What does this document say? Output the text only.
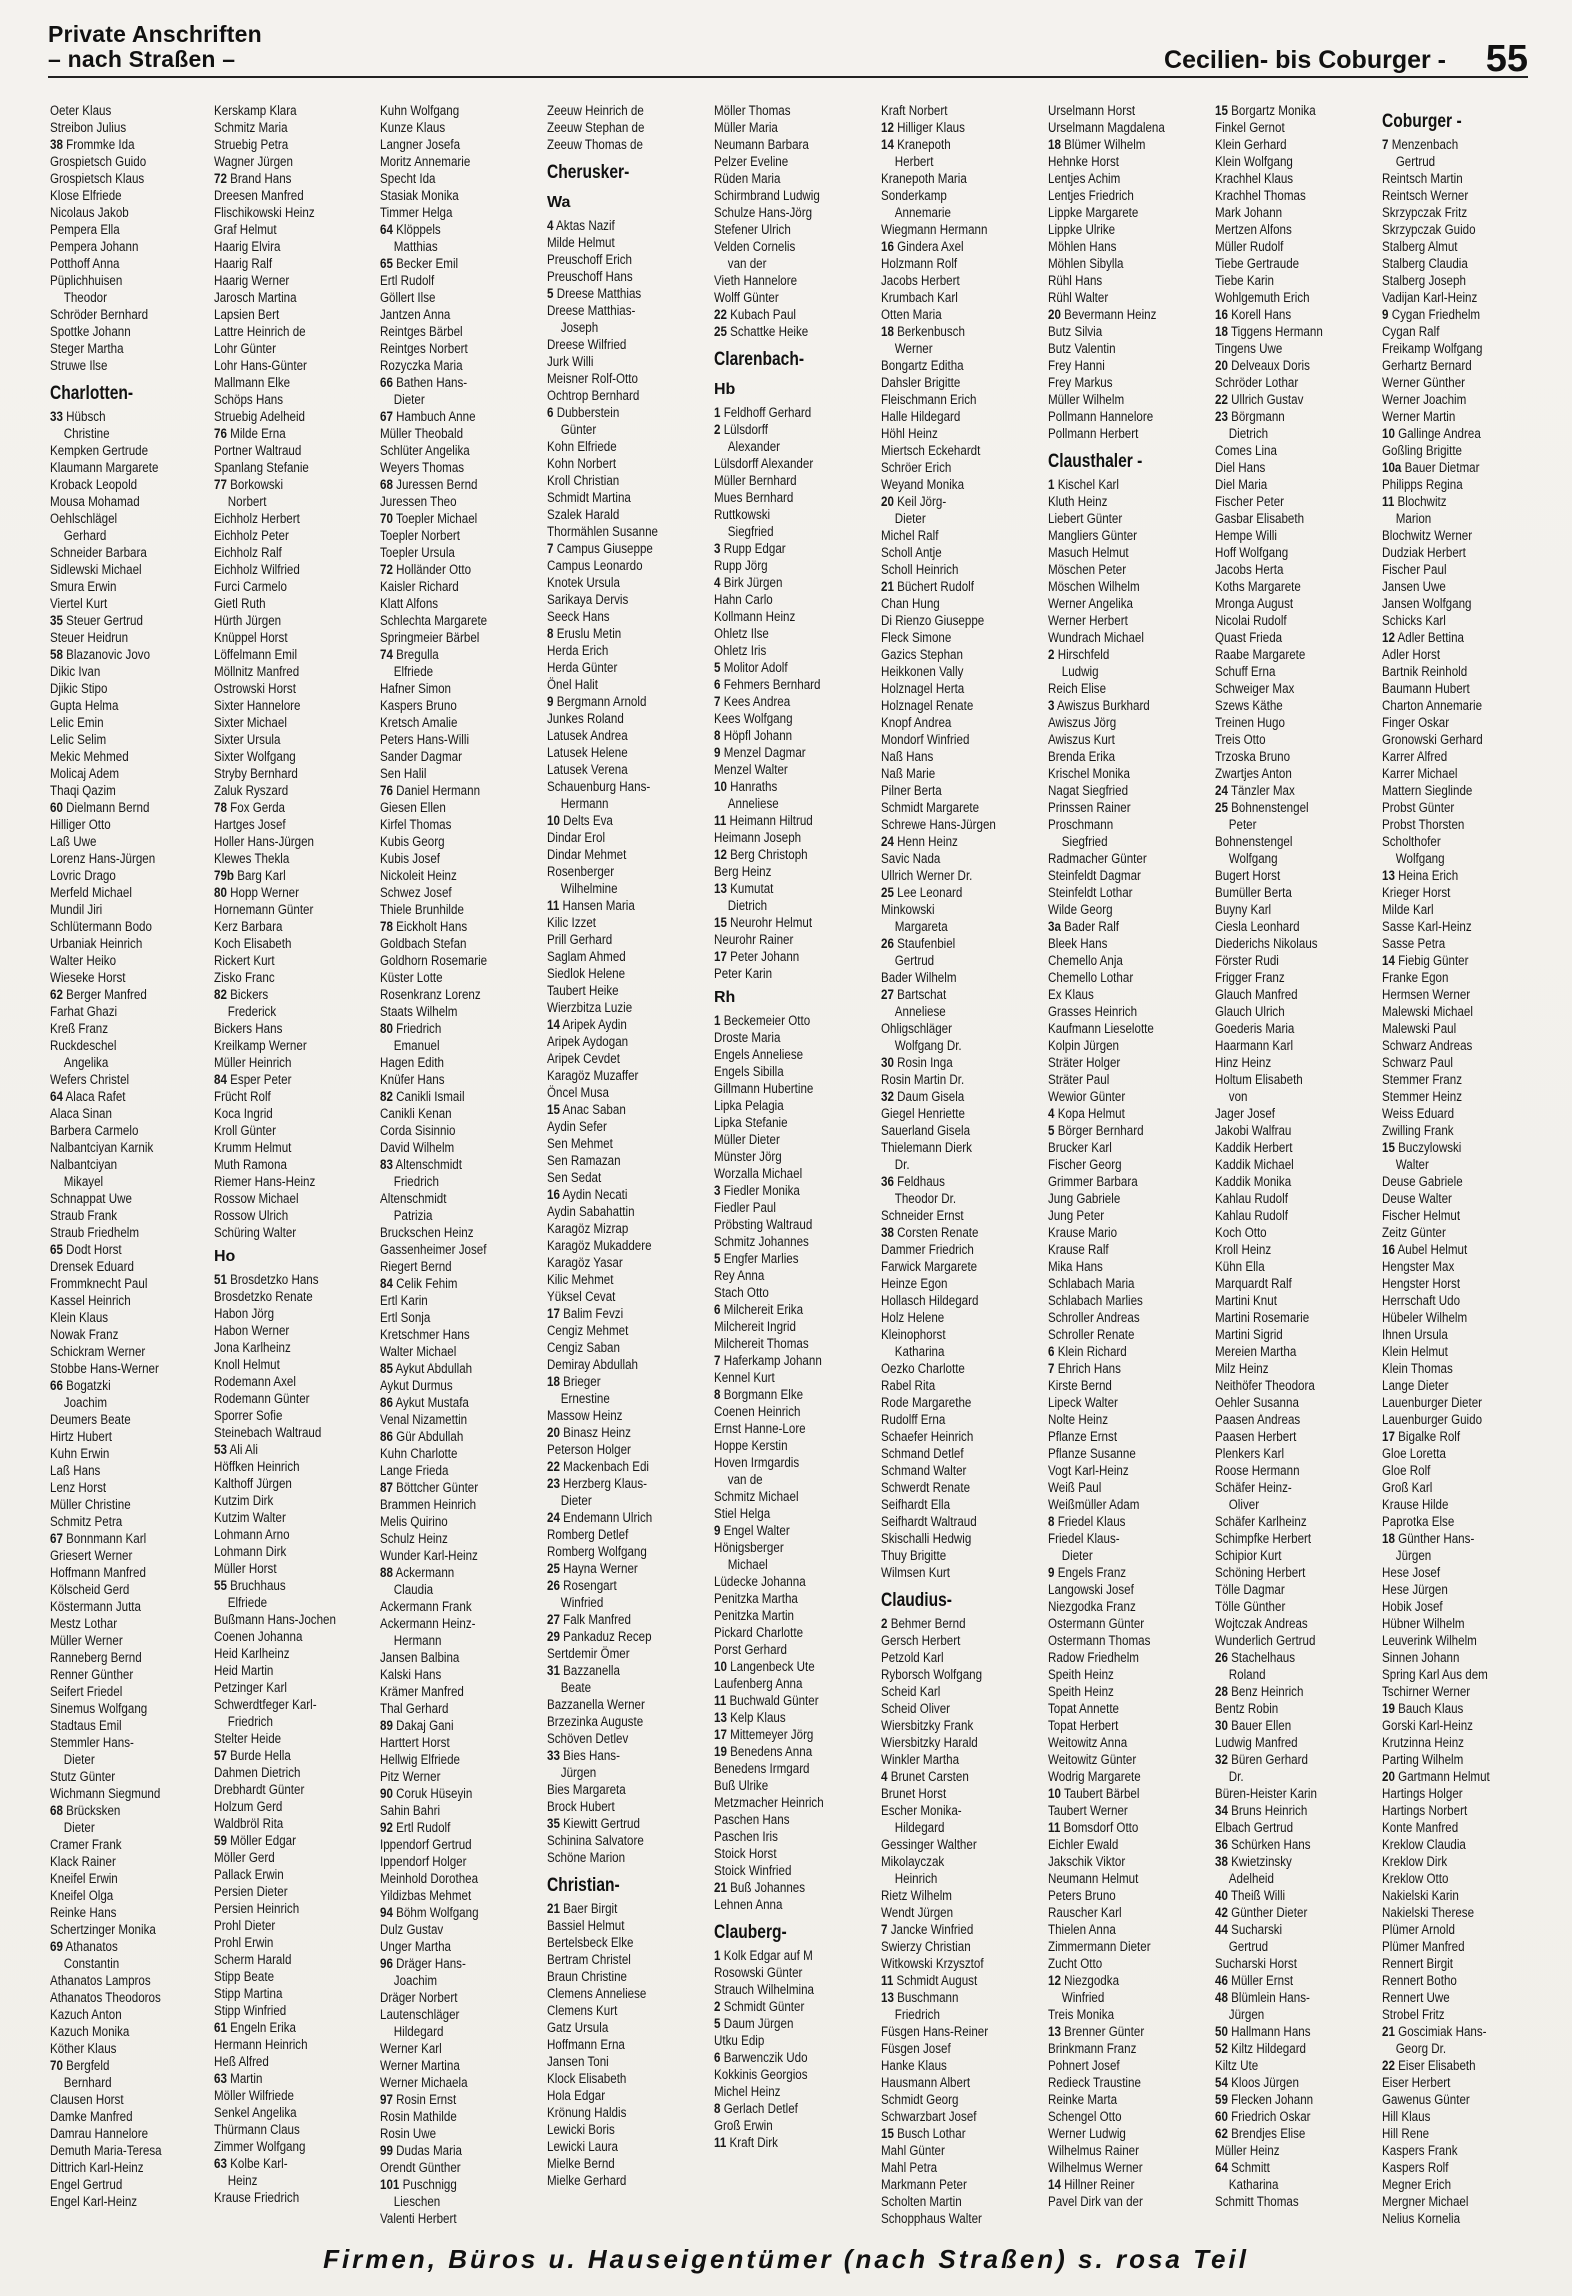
Private Anschriften
– nach Straßen –	Cecilien- bis Coburger - 55
Oeter Klaus
Streibon Julius
38 Frommke Ida
Grospietsch Guido
Grospietsch Klaus
Klose Elfriede
Nicolaus Jakob
Pempera Ella
Pempera Johann
Potthoff Anna
Püplichhuisen
Theodor
Schröder Bernhard
Spottke Johann
Steger Martha
Struwe Ilse
Charlotten-
33 Hübsch
Christine
Kempken Gertrude
Klaumann Margarete
Kroback Leopold
Mousa Mohamad
Oehlschlägel
Gerhard
Schneider Barbara
Sidlewski Michael
Smura Erwin
Viertel Kurt
35 Steuer Gertrud
Steuer Heidrun
58 Blazanovic Jovo
Dikic Ivan
Djikic Stipo
Gupta Helma
Lelic Emin
Lelic Selim
Mekic Mehmed
Molicaj Adem
Thaqi Qazim
60 Dielmann Bernd
Hilliger Otto
Laß Uwe
Lorenz Hans-Jürgen
Lovric Drago
Merfeld Michael
Mundil Jiri
Schlütermann Bodo
Urbaniak Heinrich
Walter Heiko
Wieseke Horst
62 Berger Manfred
Farhat Ghazi
Kreß Franz
Ruckdeschel
Angelika
Wefers Christel
64 Alaca Rafet
Alaca Sinan
Barbera Carmelo
Nalbantciyan Karnik
Nalbantciyan
Mikayel
Schnappat Uwe
Straub Frank
Straub Friedhelm
65 Dodt Horst
Drensek Eduard
Frommknecht Paul
Kassel Heinrich
Klein Klaus
Nowak Franz
Schickram Werner
Stobbe Hans-Werner
66 Bogatzki
Joachim
Deumers Beate
Hirtz Hubert
Kuhn Erwin
Laß Hans
Lenz Horst
Müller Christine
Schmitz Petra
67 Bonnmann Karl
Griesert Werner
Hoffmann Manfred
Kölscheid Gerd
Köstermann Jutta
Mestz Lothar
Müller Werner
Ranneberg Bernd
Renner Günther
Seifert Friedel
Sinemus Wolfgang
Stadtaus Emil
Stemmler Hans-
Dieter
Stutz Günter
Wichmann Siegmund
68 Brücksken
Dieter
Cramer Frank
Klack Rainer
Kneifel Erwin
Kneifel Olga
Reinke Hans
Schertzinger Monika
69 Athanatos
Constantin
Athanatos Lampros
Athanatos Theodoros
Kazuch Anton
Kazuch Monika
Köther Klaus
70 Bergfeld
Bernhard
Clausen Horst
Damke Manfred
Damrau Hannelore
Demuth Maria-Teresa
Dittrich Karl-Heinz
Engel Gertrud
Engel Karl-Heinz
Kerskamp Klara
Schmitz Maria
Struebig Petra
Wagner Jürgen
72 Brand Hans
Dreesen Manfred
Flischikowski Heinz
Graf Helmut
Haarig Elvira
Haarig Ralf
Haarig Werner
Jarosch Martina
Lapsien Bert
Lattre Heinrich de
Lohr Günter
Lohr Hans-Günter
Mallmann Elke
Schöps Hans
Struebig Adelheid
76 Milde Erna
Portner Waltraud
Spanlang Stefanie
77 Borkowski
Norbert
Eichholz Herbert
Eichholz Peter
Eichholz Ralf
Eichholz Wilfried
Furci Carmelo
Gietl Ruth
Hürth Jürgen
Knüppel Horst
Löffelmann Emil
Möllnitz Manfred
Ostrowski Horst
Sixter Hannelore
Sixter Michael
Sixter Ursula
Sixter Wolfgang
Stryby Bernhard
Zaluk Ryszard
78 Fox Gerda
Hartges Josef
Holler Hans-Jürgen
Klewes Thekla
79b Barg Karl
80 Hopp Werner
Hornemann Günter
Kerz Barbara
Koch Elisabeth
Rickert Kurt
Zisko Franc
82 Bickers
Frederick
Bickers Hans
Kreilkamp Werner
Müller Heinrich
84 Esper Peter
Frücht Rolf
Koca Ingrid
Kroll Günter
Krumm Helmut
Muth Ramona
Riemer Hans-Heinz
Rossow Michael
Rossow Ulrich
Schüring Walter
Ho
51 Brosdetzko Hans
Brosdetzko Renate
Habon Jörg
Habon Werner
Jona Karlheinz
Knoll Helmut
Rodemann Axel
Rodemann Günter
Sporrer Sofie
Steinebach Waltraud
53 Ali Ali
Höffken Heinrich
Kalthoff Jürgen
Kutzim Dirk
Kutzim Walter
Lohmann Arno
Lohmann Dirk
Müller Horst
55 Bruchhaus
Elfriede
Bußmann Hans-Jochen
Coenen Johanna
Heid Karlheinz
Heid Martin
Petzinger Karl
Schwerdtfeger Karl-
Friedrich
Stelter Heide
57 Burde Hella
Dahmen Dietrich
Drebhardt Günter
Holzum Gerd
Waldbröl Rita
59 Möller Edgar
Möller Gerd
Pallack Erwin
Persien Dieter
Persien Heinrich
Prohl Dieter
Prohl Erwin
Scherm Harald
Stipp Beate
Stipp Martina
Stipp Winfried
61 Engeln Erika
Hermann Heinrich
Heß Alfred
63 Martin
Möller Wilfriede
Senkel Angelika
Thürmann Claus
Zimmer Wolfgang
63 Kolbe Karl-
Heinz
Krause Friedrich
Kuhn Wolfgang
Kunze Klaus
Langner Josefa
Moritz Annemarie
Specht Ida
Stasiak Monika
Timmer Helga
64 Klöppels
Matthias
65 Becker Emil
Ertl Rudolf
Göllert Ilse
Jantzen Anna
Reintges Bärbel
Reintges Norbert
Rozyczka Maria
66 Bathen Hans-
Dieter
67 Hambuch Anne
Müller Theobald
Schlüter Angelika
Weyers Thomas
68 Juressen Bernd
Juressen Theo
70 Toepler Michael
Toepler Norbert
Toepler Ursula
72 Holländer Otto
Kaisler Richard
Klatt Alfons
Schlechta Margarete
Springmeier Bärbel
74 Bregulla
Elfriede
Hafner Simon
Kaspers Bruno
Kretsch Amalie
Peters Hans-Willi
Sander Dagmar
Sen Halil
76 Daniel Hermann
Giesen Ellen
Kirfel Thomas
Kubis Georg
Kubis Josef
Nickoleit Heinz
Schwez Josef
Thiele Brunhilde
78 Eickholt Hans
Goldbach Stefan
Goldhorn Rosemarie
Küster Lotte
Rosenkranz Lorenz
Staats Wilhelm
80 Friedrich
Emanuel
Hagen Edith
Knüfer Hans
82 Canikli Ismail
Canikli Kenan
Corda Sisinnio
David Wilhelm
83 Altenschmidt
Friedrich
Altenschmidt
Patrizia
Bruckschen Heinz
Gassenheimer Josef
Riegert Bernd
84 Celik Fehim
Ertl Karin
Ertl Sonja
Kretschmer Hans
Walter Michael
85 Aykut Abdullah
Aykut Durmus
86 Aykut Mustafa
Venal Nizamettin
86 Gür Abdullah
Kuhn Charlotte
Lange Frieda
87 Böttcher Günter
Brammen Heinrich
Melis Quirino
Schulz Heinz
Wunder Karl-Heinz
88 Ackermann
Claudia
Ackermann Frank
Ackermann Heinz-
Hermann
Jansen Balbina
Kalski Hans
Krämer Manfred
Thal Gerhard
89 Dakaj Gani
Harttert Horst
Hellwig Elfriede
Pitz Werner
90 Coruk Hüseyin
Sahin Bahri
92 Ertl Rudolf
Ippendorf Gertrud
Ippendorf Holger
Meinhold Dorothea
Yildizbas Mehmet
94 Böhm Wolfgang
Dulz Gustav
Unger Martha
96 Dräger Hans-
Joachim
Dräger Norbert
Lautenschläger
Hildegard
Werner Karl
Werner Martina
Werner Michaela
97 Rosin Ernst
Rosin Mathilde
Rosin Uwe
99 Dudas Maria
Orendt Günther
101 Puschnigg
Lieschen
Valenti Herbert
Zeeuw Heinrich de
Zeeuw Stephan de
Zeeuw Thomas de
Cherusker-
Wa
4 Aktas Nazif
Milde Helmut
Preuschoff Erich
Preuschoff Hans
5 Dreese Matthias
Dreese Matthias-
Joseph
Dreese Wilfried
Jurk Willi
Meisner Rolf-Otto
Ochtrop Bernhard
6 Dubberstein
Günter
Kohn Elfriede
Kohn Norbert
Kroll Christian
Schmidt Martina
Szalek Harald
Thormählen Susanne
7 Campus Giuseppe
Campus Leonardo
Knotek Ursula
Sarikaya Dervis
Seeck Hans
8 Eruslu Metin
Herda Erich
Herda Günter
Önel Halit
9 Bergmann Arnold
Junkes Roland
Latusek Andrea
Latusek Helene
Latusek Verena
Schauenburg Hans-
Hermann
10 Delts Eva
Dindar Erol
Dindar Mehmet
Rosenberger
Wilhelmine
11 Hansen Maria
Kilic Izzet
Prill Gerhard
Saglam Ahmed
Siedlok Helene
Taubert Heike
Wierzbitza Luzie
14 Aripek Aydin
Aripek Aydogan
Aripek Cevdet
Karagöz Muzaffer
Öncel Musa
15 Anac Saban
Aydin Sefer
Sen Mehmet
Sen Ramazan
Sen Sedat
16 Aydin Necati
Aydin Sabahattin
Karagöz Mizrap
Karagöz Mukaddere
Karagöz Yasar
Kilic Mehmet
Yüksel Cevat
17 Balim Fevzi
Cengiz Mehmet
Cengiz Saban
Demiray Abdullah
18 Brieger
Ernestine
Massow Heinz
20 Binasz Heinz
Peterson Holger
22 Mackenbach Edi
23 Herzberg Klaus-
Dieter
24 Endemann Ulrich
Romberg Detlef
Romberg Wolfgang
25 Hayna Werner
26 Rosengart
Winfried
27 Falk Manfred
29 Pankaduz Recep
Sertdemir Ömer
31 Bazzanella
Beate
Bazzanella Werner
Brzezinka Auguste
Schöven Detlev
33 Bies Hans-
Jürgen
Bies Margareta
Brock Hubert
35 Kiewitt Gertrud
Schinina Salvatore
Schöne Marion
Christian-
21 Baer Birgit
Bassiel Helmut
Bertelsbeck Elke
Bertram Christel
Braun Christine
Clemens Anneliese
Clemens Kurt
Gatz Ursula
Hoffmann Erna
Jansen Toni
Klock Elisabeth
Hola Edgar
Krönung Haldis
Lewicki Boris
Lewicki Laura
Mielke Bernd
Mielke Gerhard
Möller Thomas
Müller Maria
Neumann Barbara
Pelzer Eveline
Rüden Maria
Schirmbrand Ludwig
Schulze Hans-Jörg
Stefener Ulrich
Velden Cornelis
van der
Vieth Hannelore
Wolff Günter
22 Kubach Paul
25 Schattke Heike
Clarenbach-
Hb
1 Feldhoff Gerhard
2 Lülsdorff
Alexander
Lülsdorff Alexander
Müller Bernhard
Mues Bernhard
Ruttkowski
Siegfried
3 Rupp Edgar
Rupp Jörg
4 Birk Jürgen
Hahn Carlo
Kollmann Heinz
Ohletz Ilse
Ohletz Iris
5 Molitor Adolf
6 Fehmers Bernhard
7 Kees Andrea
Kees Wolfgang
8 Höpfl Johann
9 Menzel Dagmar
Menzel Walter
10 Hanraths
Anneliese
11 Heimann Hiltrud
Heimann Joseph
12 Berg Christoph
Berg Heinz
13 Kumutat
Dietrich
15 Neurohr Helmut
Neurohr Rainer
17 Peter Johann
Peter Karin
Rh
1 Beckemeier Otto
Droste Maria
Engels Anneliese
Engels Sibilla
Gillmann Hubertine
Lipka Pelagia
Lipka Stefanie
Müller Dieter
Münster Jörg
Worzalla Michael
3 Fiedler Monika
Fiedler Paul
Pröbsting Waltraud
Schmitz Johannes
5 Engfer Marlies
Rey Anna
Stach Otto
6 Milchereit Erika
Milchereit Ingrid
Milchereit Thomas
7 Haferkamp Johann
Kennel Kurt
8 Borgmann Elke
Coenen Heinrich
Ernst Hanne-Lore
Hoppe Kerstin
Hoven Irmgardis
van de
Schmitz Michael
Stiel Helga
9 Engel Walter
Hönigsberger
Michael
Lüdecke Johanna
Penitzka Martha
Penitzka Martin
Pickard Charlotte
Porst Gerhard
10 Langenbeck Ute
Laufenberg Anna
11 Buchwald Günter
13 Kelp Klaus
17 Mittemeyer Jörg
19 Benedens Anna
Benedens Irmgard
Buß Ulrike
Metzmacher Heinrich
Paschen Hans
Paschen Iris
Stoick Horst
Stoick Winfried
21 Buß Johannes
Lehnen Anna
Clauberg-
1 Kolk Edgar auf M
Rosowski Günter
Strauch Wilhelmina
2 Schmidt Günter
5 Daum Jürgen
Utku Edip
6 Barwenczik Udo
Kokkinis Georgios
Michel Heinz
8 Gerlach Detlef
Groß Erwin
11 Kraft Dirk
Kraft Norbert
12 Hilliger Klaus
14 Kranepoth
Herbert
Kranepoth Maria
Sonderkamp
Annemarie
Wiegmann Hermann
16 Gindera Axel
Holzmann Rolf
Jacobs Herbert
Krumbach Karl
Otten Maria
18 Berkenbusch
Werner
Bongartz Editha
Dahsler Brigitte
Fleischmann Erich
Halle Hildegard
Höhl Heinz
Miertsch Eckehardt
Schröer Erich
Weyand Monika
20 Keil Jörg-
Dieter
Michel Ralf
Scholl Antje
Scholl Heinrich
21 Büchert Rudolf
Chan Hung
Di Rienzo Giuseppe
Fleck Simone
Gazics Stephan
Heikkonen Vally
Holznagel Herta
Holznagel Renate
Knopf Andrea
Mondorf Winfried
Naß Hans
Naß Marie
Pilner Berta
Schmidt Margarete
Schrewe Hans-Jürgen
24 Henn Heinz
Savic Nada
Ullrich Werner Dr.
25 Lee Leonard
Minkowski
Margareta
26 Staufenbiel
Gertrud
Bader Wilhelm
27 Bartschat
Anneliese
Ohligschläger
Wolfgang Dr.
30 Rosin Inga
Rosin Martin Dr.
32 Daum Gisela
Giegel Henriette
Sauerland Gisela
Thielemann Dierk
Dr.
36 Feldhaus
Theodor Dr.
Schneider Ernst
38 Corsten Renate
Dammer Friedrich
Farwick Margarete
Heinze Egon
Hollasch Hildegard
Holz Helene
Kleinophorst
Katharina
Oezko Charlotte
Rabel Rita
Rode Margarethe
Rudolff Erna
Schaefer Heinrich
Schmand Detlef
Schmand Walter
Schwerdt Renate
Seifhardt Ella
Seifhardt Waltraud
Skischalli Hedwig
Thuy Brigitte
Wilmsen Kurt
Claudius-
2 Behmer Bernd
Gersch Herbert
Petzold Karl
Ryborsch Wolfgang
Scheid Karl
Scheid Oliver
Wiersbitzky Frank
Wiersbitzky Harald
Winkler Martha
4 Brunet Carsten
Brunet Horst
Escher Monika-
Hildegard
Gessinger Walther
Mikolayczak
Heinrich
Rietz Wilhelm
Wendt Jürgen
7 Jancke Winfried
Swierzy Christian
Witkowski Krzysztof
11 Schmidt August
13 Buschmann
Friedrich
Füsgen Hans-Reiner
Füsgen Josef
Hanke Klaus
Hausmann Albert
Schmidt Georg
Schwarzbart Josef
15 Busch Lothar
Mahl Günter
Mahl Petra
Markmann Peter
Scholten Martin
Schopphaus Walter
Urselmann Horst
Urselmann Magdalena
18 Blümer Wilhelm
Hehnke Horst
Lentjes Achim
Lentjes Friedrich
Lippke Margarete
Lippke Ulrike
Möhlen Hans
Möhlen Sibylla
Rühl Hans
Rühl Walter
20 Bevermann Heinz
Butz Silvia
Butz Valentin
Frey Hanni
Frey Markus
Müller Wilhelm
Pollmann Hannelore
Pollmann Herbert
Clausthaler -
1 Kischel Karl
Kluth Heinz
Liebert Günter
Mangliers Günter
Masuch Helmut
Möschen Peter
Möschen Wilhelm
Werner Angelika
Werner Herbert
Wundrach Michael
2 Hirschfeld
Ludwig
Reich Elise
3 Awiszus Burkhard
Awiszus Jörg
Awiszus Kurt
Brenda Erika
Krischel Monika
Nagat Siegfried
Prinssen Rainer
Proschmann
Siegfried
Radmacher Günter
Steinfeldt Dagmar
Steinfeldt Lothar
Wilde Georg
3a Bader Ralf
Bleek Hans
Chemello Anja
Chemello Lothar
Ex Klaus
Grasses Heinrich
Kaufmann Lieselotte
Kolpin Jürgen
Sträter Holger
Sträter Paul
Wewior Günter
4 Kopa Helmut
5 Börger Bernhard
Brucker Karl
Fischer Georg
Grimmer Barbara
Jung Gabriele
Jung Peter
Krause Mario
Krause Ralf
Mika Hans
Schlabach Maria
Schlabach Marlies
Schroller Andreas
Schroller Renate
6 Klein Richard
7 Ehrich Hans
Kirste Bernd
Lipeck Walter
Nolte Heinz
Pflanze Ernst
Pflanze Susanne
Vogt Karl-Heinz
Weiß Paul
Weißmüller Adam
8 Friedel Klaus
Friedel Klaus-
Dieter
9 Engels Franz
Langowski Josef
Niezgodka Franz
Ostermann Günter
Ostermann Thomas
Radow Friedhelm
Speith Heinz
Speith Heinz
Topat Annette
Topat Herbert
Weitowitz Anna
Weitowitz Günter
Wodrig Margarete
10 Taubert Bärbel
Taubert Werner
11 Bomsdorf Otto
Eichler Ewald
Jakschik Viktor
Neumann Helmut
Peters Bruno
Rauscher Karl
Thielen Anna
Zimmermann Dieter
Zucht Otto
12 Niezgodka
Winfried
Treis Monika
13 Brenner Günter
Brinkmann Franz
Pohnert Josef
Redieck Traustine
Reinke Marta
Schengel Otto
Werner Ludwig
Wilhelmus Rainer
Wilhelmus Werner
14 Hillner Reiner
Pavel Dirk van der
15 Borgartz Monika
Finkel Gernot
Klein Gerhard
Klein Wolfgang
Krachhel Klaus
Krachhel Thomas
Mark Johann
Mertzen Alfons
Müller Rudolf
Tiebe Gertraude
Tiebe Karin
Wohlgemuth Erich
16 Korell Hans
18 Tiggens Hermann
Tingens Uwe
20 Delveaux Doris
Schröder Lothar
22 Ullrich Gustav
23 Börgmann
Dietrich
Comes Lina
Diel Hans
Diel Maria
Fischer Peter
Gasbar Elisabeth
Hempe Willi
Hoff Wolfgang
Jacobs Herta
Koths Margarete
Mronga August
Nicolai Rudolf
Quast Frieda
Raabe Margarete
Schuff Erna
Schweiger Max
Szews Käthe
Treinen Hugo
Treis Otto
Trzoska Bruno
Zwartjes Anton
24 Tänzler Max
25 Bohnenstengel
Peter
Bohnenstengel
Wolfgang
Bugert Horst
Bumüller Berta
Buyny Karl
Ciesla Leonhard
Diederichs Nikolaus
Förster Rudi
Frigger Franz
Glauch Manfred
Glauch Ulrich
Goederis Maria
Haarmann Karl
Hinz Heinz
Holtum Elisabeth
von
Jager Josef
Jakobi Walfrau
Kaddik Herbert
Kaddik Michael
Kaddik Monika
Kahlau Rudolf
Kahlau Rudolf
Koch Otto
Kroll Heinz
Kühn Ella
Marquardt Ralf
Martini Knut
Martini Rosemarie
Martini Sigrid
Mereien Martha
Milz Heinz
Neithöfer Theodora
Oehler Susanna
Paasen Andreas
Paasen Herbert
Plenkers Karl
Roose Hermann
Schäfer Heinz-
Oliver
Schäfer Karlheinz
Schimpfke Herbert
Schipior Kurt
Schöning Herbert
Tölle Dagmar
Tölle Günther
Wojtczak Andreas
Wunderlich Gertrud
26 Stachelhaus
Roland
28 Benz Heinrich
Bentz Robin
30 Bauer Ellen
Ludwig Manfred
32 Büren Gerhard
Dr.
Büren-Heister Karin
34 Bruns Heinrich
Elbach Gertrud
36 Schürken Hans
38 Kwietzinsky
Adelheid
40 Theiß Willi
42 Günther Dieter
44 Sucharski
Gertrud
Sucharski Horst
46 Müller Ernst
48 Blümlein Hans-
Jürgen
50 Hallmann Hans
52 Kiltz Hildegard
Kiltz Ute
54 Kloos Jürgen
59 Flecken Johann
60 Friedrich Oskar
62 Brendjes Elise
Müller Heinz
64 Schmitt
Katharina
Schmitt Thomas
Coburger -
7 Menzenbach
Gertrud
Reintsch Martin
Reintsch Werner
Skrzypczak Fritz
Skrzypczak Guido
Stalberg Almut
Stalberg Claudia
Stalberg Joseph
Vadijan Karl-Heinz
9 Cygan Friedhelm
Cygan Ralf
Freikamp Wolfgang
Gerhartz Bernard
Werner Günther
Werner Joachim
Werner Martin
10 Gallinge Andrea
Goßling Brigitte
10a Bauer Dietmar
Philipps Regina
11 Blochwitz
Marion
Blochwitz Werner
Dudziak Herbert
Fischer Paul
Jansen Uwe
Jansen Wolfgang
Schicks Karl
12 Adler Bettina
Adler Horst
Bartnik Reinhold
Baumann Hubert
Charton Annemarie
Finger Oskar
Gronowski Gerhard
Karrer Alfred
Karrer Michael
Mattern Sieglinde
Probst Günter
Probst Thorsten
Scholthofer
Wolfgang
13 Heina Erich
Krieger Horst
Milde Karl
Sasse Karl-Heinz
Sasse Petra
14 Fiebig Günter
Franke Egon
Hermsen Werner
Malewski Michael
Malewski Paul
Schwarz Andreas
Schwarz Paul
Stemmer Franz
Stemmer Heinz
Weiss Eduard
Zwilling Frank
15 Buczylowski
Walter
Deuse Gabriele
Deuse Walter
Fischer Helmut
Zeitz Günter
16 Aubel Helmut
Hengster Max
Hengster Horst
Herrschaft Udo
Hübeler Wilhelm
Ihnen Ursula
Klein Helmut
Klein Thomas
Lange Dieter
Lauenburger Dieter
Lauenburger Guido
17 Bigalke Rolf
Gloe Loretta
Gloe Rolf
Groß Karl
Krause Hilde
Paprotka Else
18 Günther Hans-
Jürgen
Hese Josef
Hese Jürgen
Hobik Josef
Hübner Wilhelm
Leuverink Wilhelm
Sinnen Johann
Spring Karl Aus dem
Tschirner Werner
19 Bauch Klaus
Gorski Karl-Heinz
Krutzinna Heinz
Parting Wilhelm
20 Gartmann Helmut
Hartings Holger
Hartings Norbert
Konte Manfred
Kreklow Claudia
Kreklow Dirk
Kreklow Otto
Nakielski Karin
Nakielski Therese
Plümer Arnold
Plümer Manfred
Rennert Birgit
Rennert Botho
Rennert Uwe
Strobel Fritz
21 Goscimiak Hans-
Georg Dr.
22 Eiser Elisabeth
Eiser Herbert
Gawenus Günter
Hill Klaus
Hill Rene
Kaspers Frank
Kaspers Rolf
Megner Erich
Mergner Michael
Nelius Kornelia
Firmen, Büros u. Hauseigentümer (nach Straßen) s. rosa Teil
